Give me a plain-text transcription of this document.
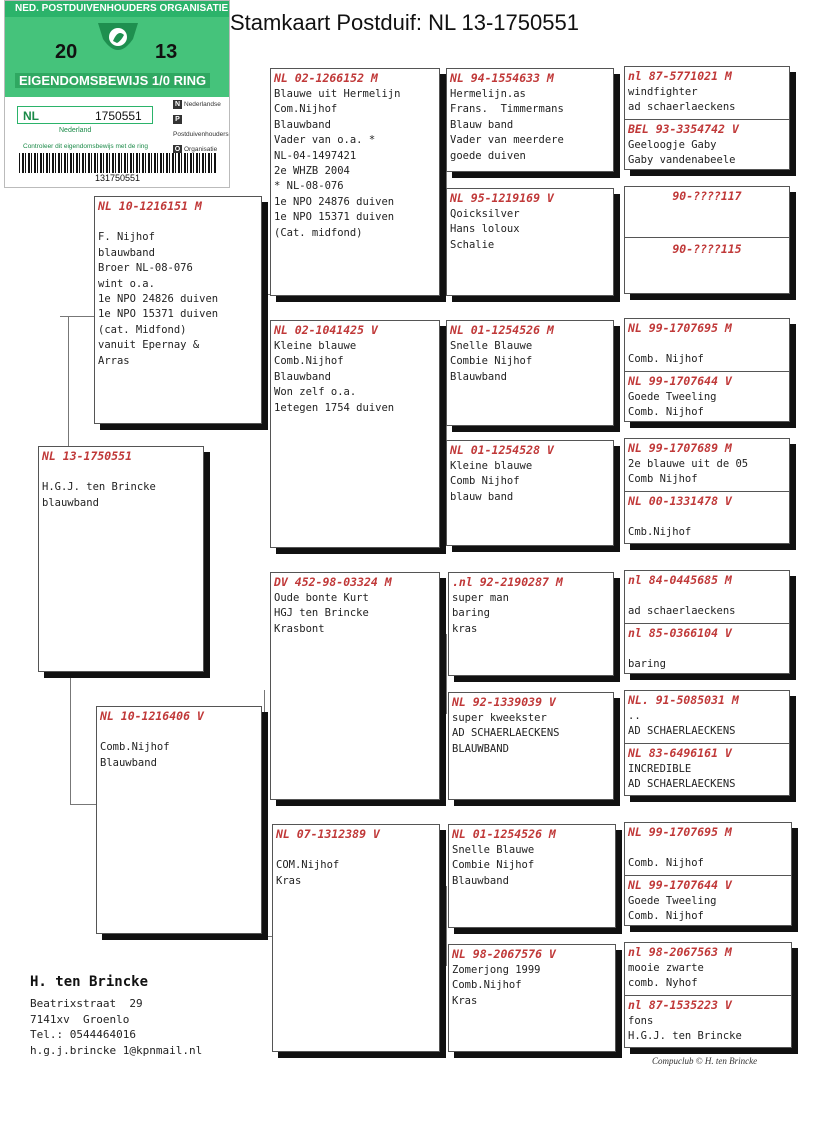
NED. POSTDUIVENHOUDERS ORGANISATIE
20	13
EIGENDOMSBEWIJS 1/0 RING
NL	1750551
Nederland
N Nederlandse
PPostduivenhouders
O Organisatie
Controleer dit eigendomsbewijs met de ring
131750551
Stamkaart Postduif: NL 13-1750551
NL 13-1750551

H.G.J. ten Brincke
blauwband
NL 10-1216151 M

F. Nijhof
blauwband
Broer NL-08-076
wint o.a.
1e NPO 24826 duiven
1e NPO 15371 duiven
(cat. Midfond)
vanuit Epernay &
Arras
NL 10-1216406 V

Comb.Nijhof
Blauwband
NL 02-1266152 M
Blauwe uit Hermelijn
Com.Nijhof
Blauwband
Vader van o.a. *
NL-04-1497421
2e WHZB 2004
* NL-08-076
1e NPO 24876 duiven
1e NPO 15371 duiven
(Cat. midfond)
NL 02-1041425 V
Kleine blauwe
Comb.Nijhof
Blauwband
Won zelf o.a.
1etegen 1754 duiven
DV 452-98-03324 M
Oude bonte Kurt
HGJ ten Brincke
Krasbont
NL 07-1312389 V

COM.Nijhof
Kras
NL 94-1554633 M
Hermelijn.as
Frans.  Timmermans
Blauw band
Vader van meerdere
goede duiven
NL 95-1219169 V
Qoicksilver
Hans loloux
Schalie
NL 01-1254526 M
Snelle Blauwe
Combie Nijhof
Blauwband
NL 01-1254528 V
Kleine blauwe
Comb Nijhof
blauw band
.nl 92-2190287 M
super man
baring
kras
NL 92-1339039 V
super kweekster
AD SCHAERLAECKENS
BLAUWBAND
NL 01-1254526 M
Snelle Blauwe
Combie Nijhof
Blauwband
NL 98-2067576 V
Zomerjong 1999
Comb.Nijhof
Kras
nl 87-5771021 M
windfighter
ad schaerlaeckens
BEL 93-3354742 V
Geeloogje Gaby
Gaby vandenabeele
90-????117
90-????115
NL 99-1707695 M

Comb. Nijhof
NL 99-1707644 V
Goede Tweeling
Comb. Nijhof
NL 99-1707689 M
2e blauwe uit de 05
Comb Nijhof
NL 00-1331478 V

Cmb.Nijhof
nl 84-0445685 M

ad schaerlaeckens
nl 85-0366104 V

baring
NL. 91-5085031 M
..
AD SCHAERLAECKENS
NL 83-6496161 V
INCREDIBLE
AD SCHAERLAECKENS
NL 99-1707695 M

Comb. Nijhof
NL 99-1707644 V
Goede Tweeling
Comb. Nijhof
nl 98-2067563 M
mooie zwarte
comb. Nyhof
nl 87-1535223 V
fons
H.G.J. ten Brincke
H. ten Brincke
Beatrixstraat  29
7141xv  Groenlo
Tel.: 0544464016
h.g.j.brincke 1@kpnmail.nl
Compuclub © H. ten Brincke
